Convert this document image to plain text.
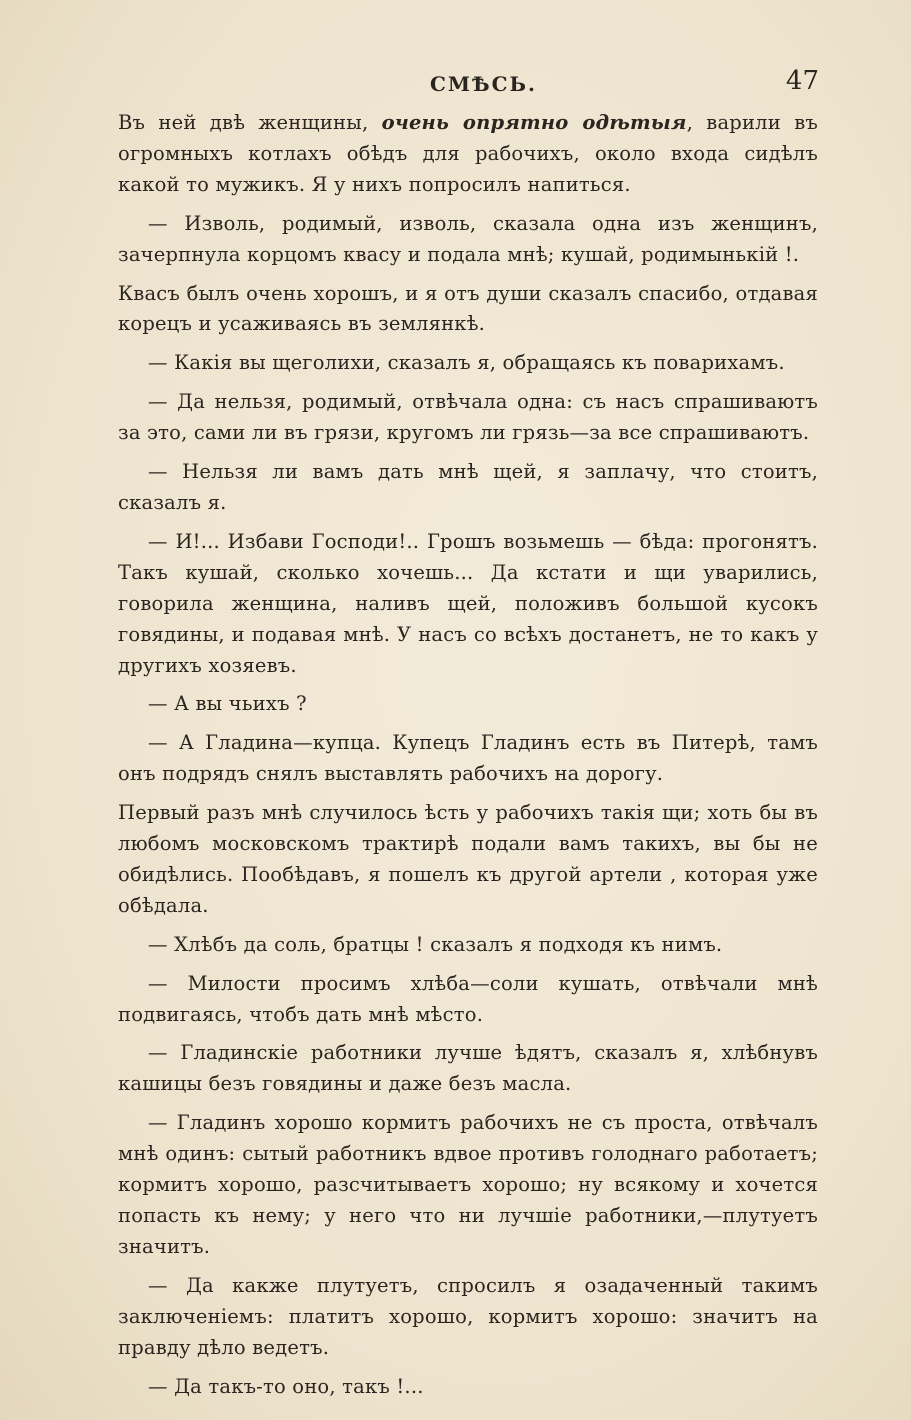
СМѢСЬ.	47

Въ ней двѣ женщины, очень опрятно одѣтыя, варили въ огромныхъ котлахъ обѣдъ для рабочихъ, около входа сидѣлъ какой то мужикъ. Я у нихъ попросилъ напиться.

— Изволь, родимый, изволь, сказала одна изъ женщинъ, зачерпнула корцомъ квасу и подала мнѣ; кушай, родимынькій !.

Квасъ былъ очень хорошъ, и я отъ души сказалъ спасибо, отдавая корецъ и усаживаясь въ землянкѣ.

— Какія вы щеголихи, сказалъ я, обращаясь къ поварихамъ.

— Да нельзя, родимый, отвѣчала одна: съ насъ спрашиваютъ за это, сами ли въ грязи, кругомъ ли грязь—за все спрашиваютъ.

— Нельзя ли вамъ дать мнѣ щей, я заплачу, что стоитъ, сказалъ я.

— И!... Избави Господи!.. Грошъ возьмешь — бѣда: прогонятъ. Такъ кушай, сколько хочешь... Да кстати и щи уварились, говорила женщина, наливъ щей, положивъ большой кусокъ говядины, и подавая мнѣ. У насъ со всѣхъ достанетъ, не то какъ у другихъ хозяевъ.

— А вы чьихъ ?

— А Гладина—купца. Купецъ Гладинъ есть въ Питерѣ, тамъ онъ подрядъ снялъ выставлять рабочихъ на дорогу.

Первый разъ мнѣ случилось ѣсть у рабочихъ такія щи; хоть бы въ любомъ московскомъ трактирѣ подали вамъ такихъ, вы бы не обидѣлись. Пообѣдавъ, я пошелъ къ другой артели , которая уже обѣдала.

— Хлѣбъ да соль, братцы ! сказалъ я подходя къ нимъ.

— Милости просимъ хлѣба—соли кушать, отвѣчали мнѣ подвигаясь, чтобъ дать мнѣ мѣсто.

— Гладинскіе работники лучше ѣдятъ, сказалъ я, хлѣбнувъ кашицы безъ говядины и даже безъ масла.

— Гладинъ хорошо кормитъ рабочихъ не съ проста, отвѣчалъ мнѣ одинъ: сытый работникъ вдвое противъ голоднаго работаетъ; кормитъ хорошо, разсчитываетъ хорошо; ну всякому и хочется попасть къ нему; у него что ни лучшіе работники,—плутуетъ значитъ.

— Да какже плутуетъ, спросилъ я озадаченный такимъ заключеніемъ: платитъ хорошо, кормитъ хорошо: значитъ на правду дѣло ведетъ.

— Да такъ-то оно, такъ !...
